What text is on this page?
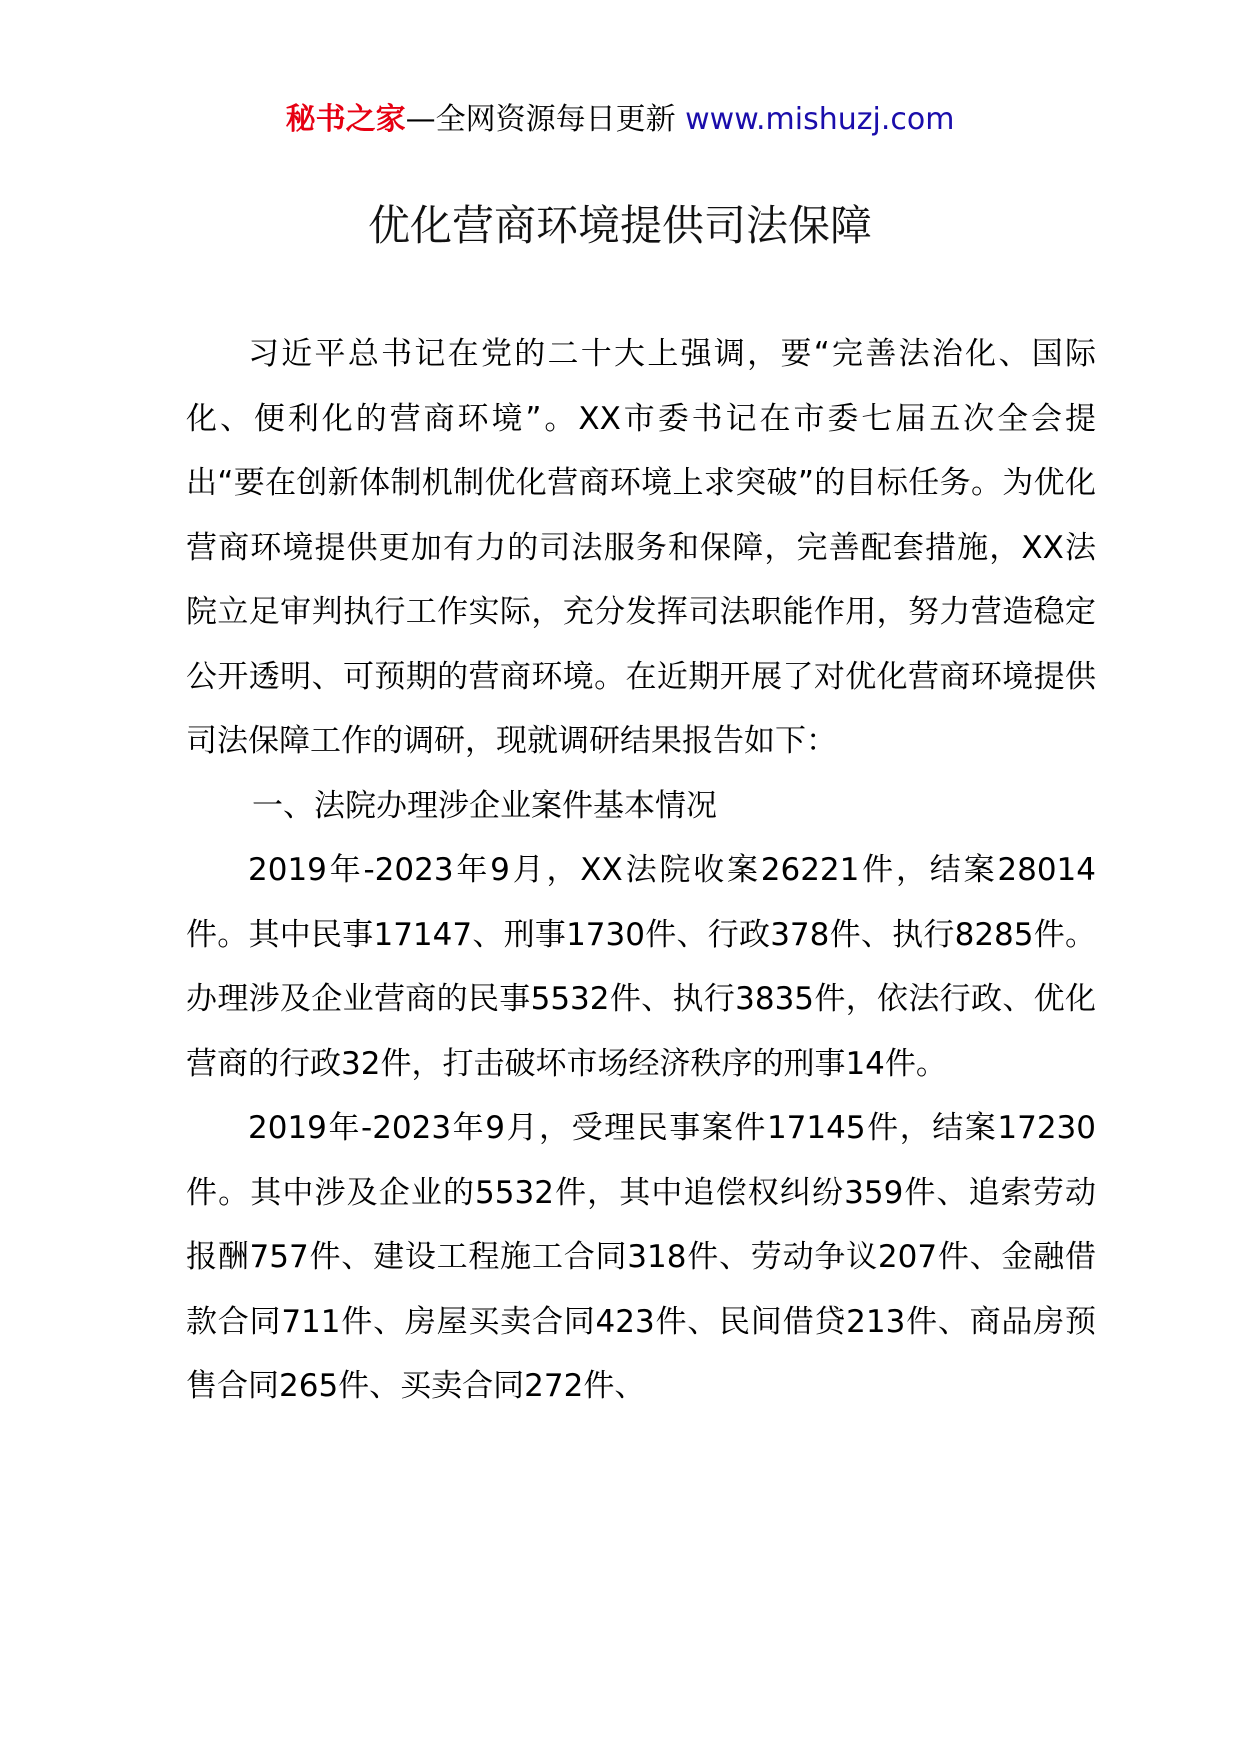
秘书之家—全网资源每日更新 www.mishuzj.com
优化营商环境提供司法保障

习近平总书记在党的二十大上强调，要“完善法治化、国际化、便利化的营商环境”。XX市委书记在市委七届五次全会提出“要在创新体制机制优化营商环境上求突破”的目标任务。为优化营商环境提供更加有力的司法服务和保障，完善配套措施，XX法院立足审判执行工作实际，充分发挥司法职能作用，努力营造稳定公开透明、可预期的营商环境。在近期开展了对优化营商环境提供司法保障工作的调研，现就调研结果报告如下：

一、法院办理涉企业案件基本情况

2019年-2023年9月，XX法院收案26221件，结案28014件。其中民事17147、刑事1730件、行政378件、执行8285件。办理涉及企业营商的民事5532件、执行3835件，依法行政、优化营商的行政32件，打击破坏市场经济秩序的刑事14件。

2019年-2023年9月，受理民事案件17145件，结案17230件。其中涉及企业的5532件，其中追偿权纠纷359件、追索劳动报酬757件、建设工程施工合同318件、劳动争议207件、金融借款合同711件、房屋买卖合同423件、民间借贷213件、商品房预售合同265件、买卖合同272件、
